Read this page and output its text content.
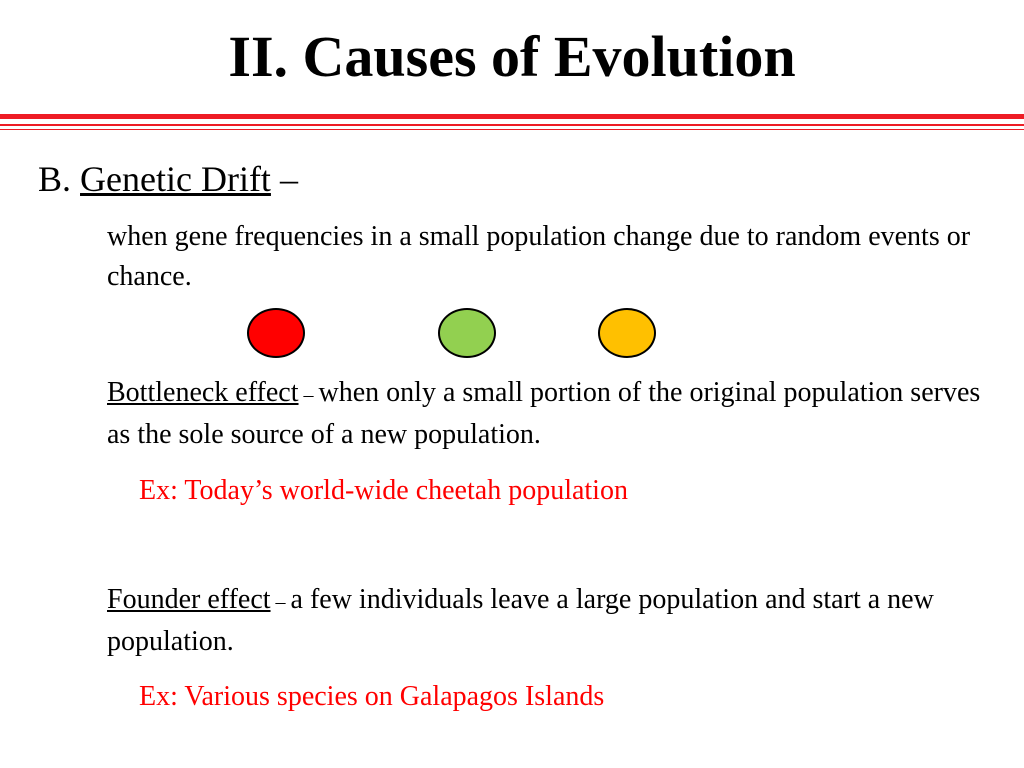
II. Causes of Evolution
B. Genetic Drift –
when gene frequencies in a small population change due to random events or chance.
Bottleneck effect – when only a small portion of the original population serves as the sole source of a new population.
Ex: Today’s world-wide cheetah population
Founder effect – a few individuals leave a large population and start a new population.
Ex: Various species on Galapagos Islands
